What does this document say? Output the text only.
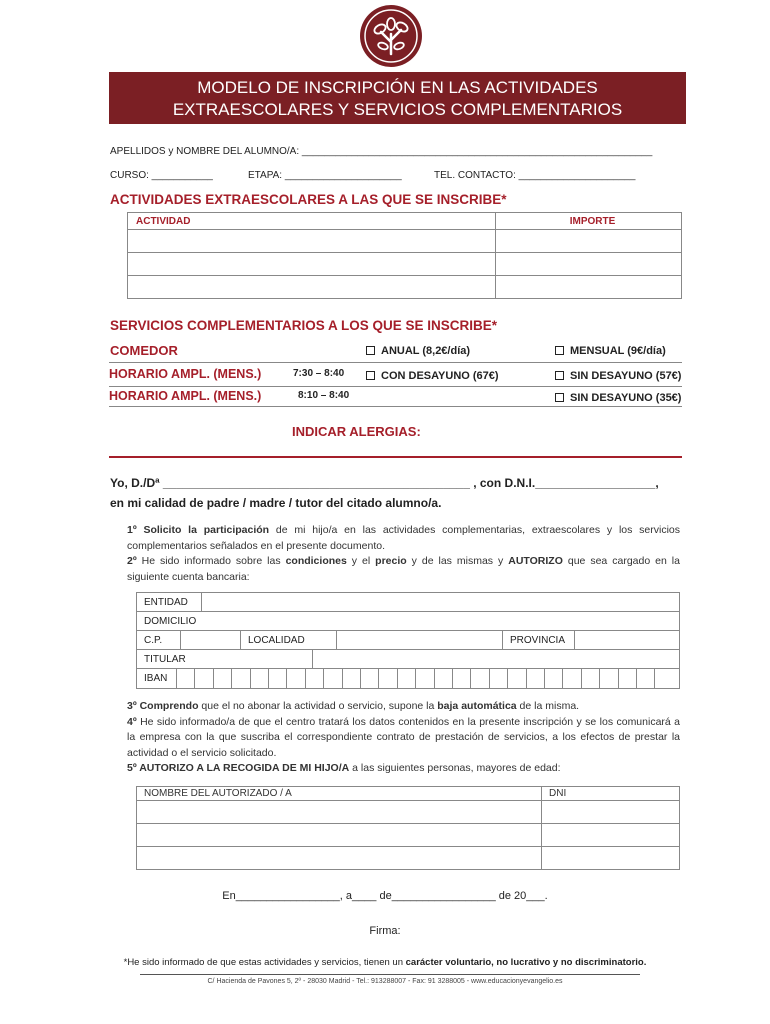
MODELO DE INSCRIPCIÓN EN LAS ACTIVIDADES
EXTRAESCOLARES Y SERVICIOS COMPLEMENTARIOS
APELLIDOS y NOMBRE DEL ALUMNO/A: _______________________________________________________________
CURSO: ___________	ETAPA: _____________________	TEL. CONTACTO: _____________________
ACTIVIDADES EXTRAESCOLARES A LAS QUE SE INSCRIBE*
ACTIVIDAD	IMPORTE

SERVICIOS COMPLEMENTARIOS A LOS QUE SE INSCRIBE*
COMEDOR	ANUAL (8,2€/día)	MENSUAL (9€/día)
HORARIO AMPL. (MENS.)	7:30 – 8:40	CON DESAYUNO (67€)	SIN DESAYUNO (57€)
HORARIO AMPL. (MENS.)	8:10 – 8:40	SIN DESAYUNO (35€)
INDICAR ALERGIAS:
Yo, D./Dª ______________________________________________ , con D.N.I.__________________,
en mi calidad de padre / madre / tutor del citado alumno/a.
1º Solicito la participación de mi hijo/a en las actividades complementarias, extraescolares y los servicios complementarios señalados en el presente documento.
2º He sido informado sobre las condiciones y el precio y de las mismas y AUTORIZO que sea cargado en la siguiente cuenta bancaria:
ENTIDAD
DOMICILIO
C.P.	LOCALIDAD	PROVINCIA
TITULAR
IBAN
3º Comprendo que el no abonar la actividad o servicio, supone la baja automática de la misma.
4º He sido informado/a de que el centro tratará los datos contenidos en la presente inscripción y se los comunicará a la empresa con la que suscriba el correspondiente contrato de prestación de servicios, a los efectos de prestar la actividad o el servicio solicitado.
5º AUTORIZO A LA RECOGIDA DE MI HIJO/A a las siguientes personas, mayores de edad:
NOMBRE DEL AUTORIZADO / A	DNI

En_________________, a____ de_________________ de 20___.
Firma:
*He sido informado de que estas actividades y servicios, tienen un carácter voluntario, no lucrativo y no discriminatorio.
C/ Hacienda de Pavones 5, 2º - 28030 Madrid - Tel.: 913288007 - Fax: 91 3288005 - www.educacionyevangelio.es
